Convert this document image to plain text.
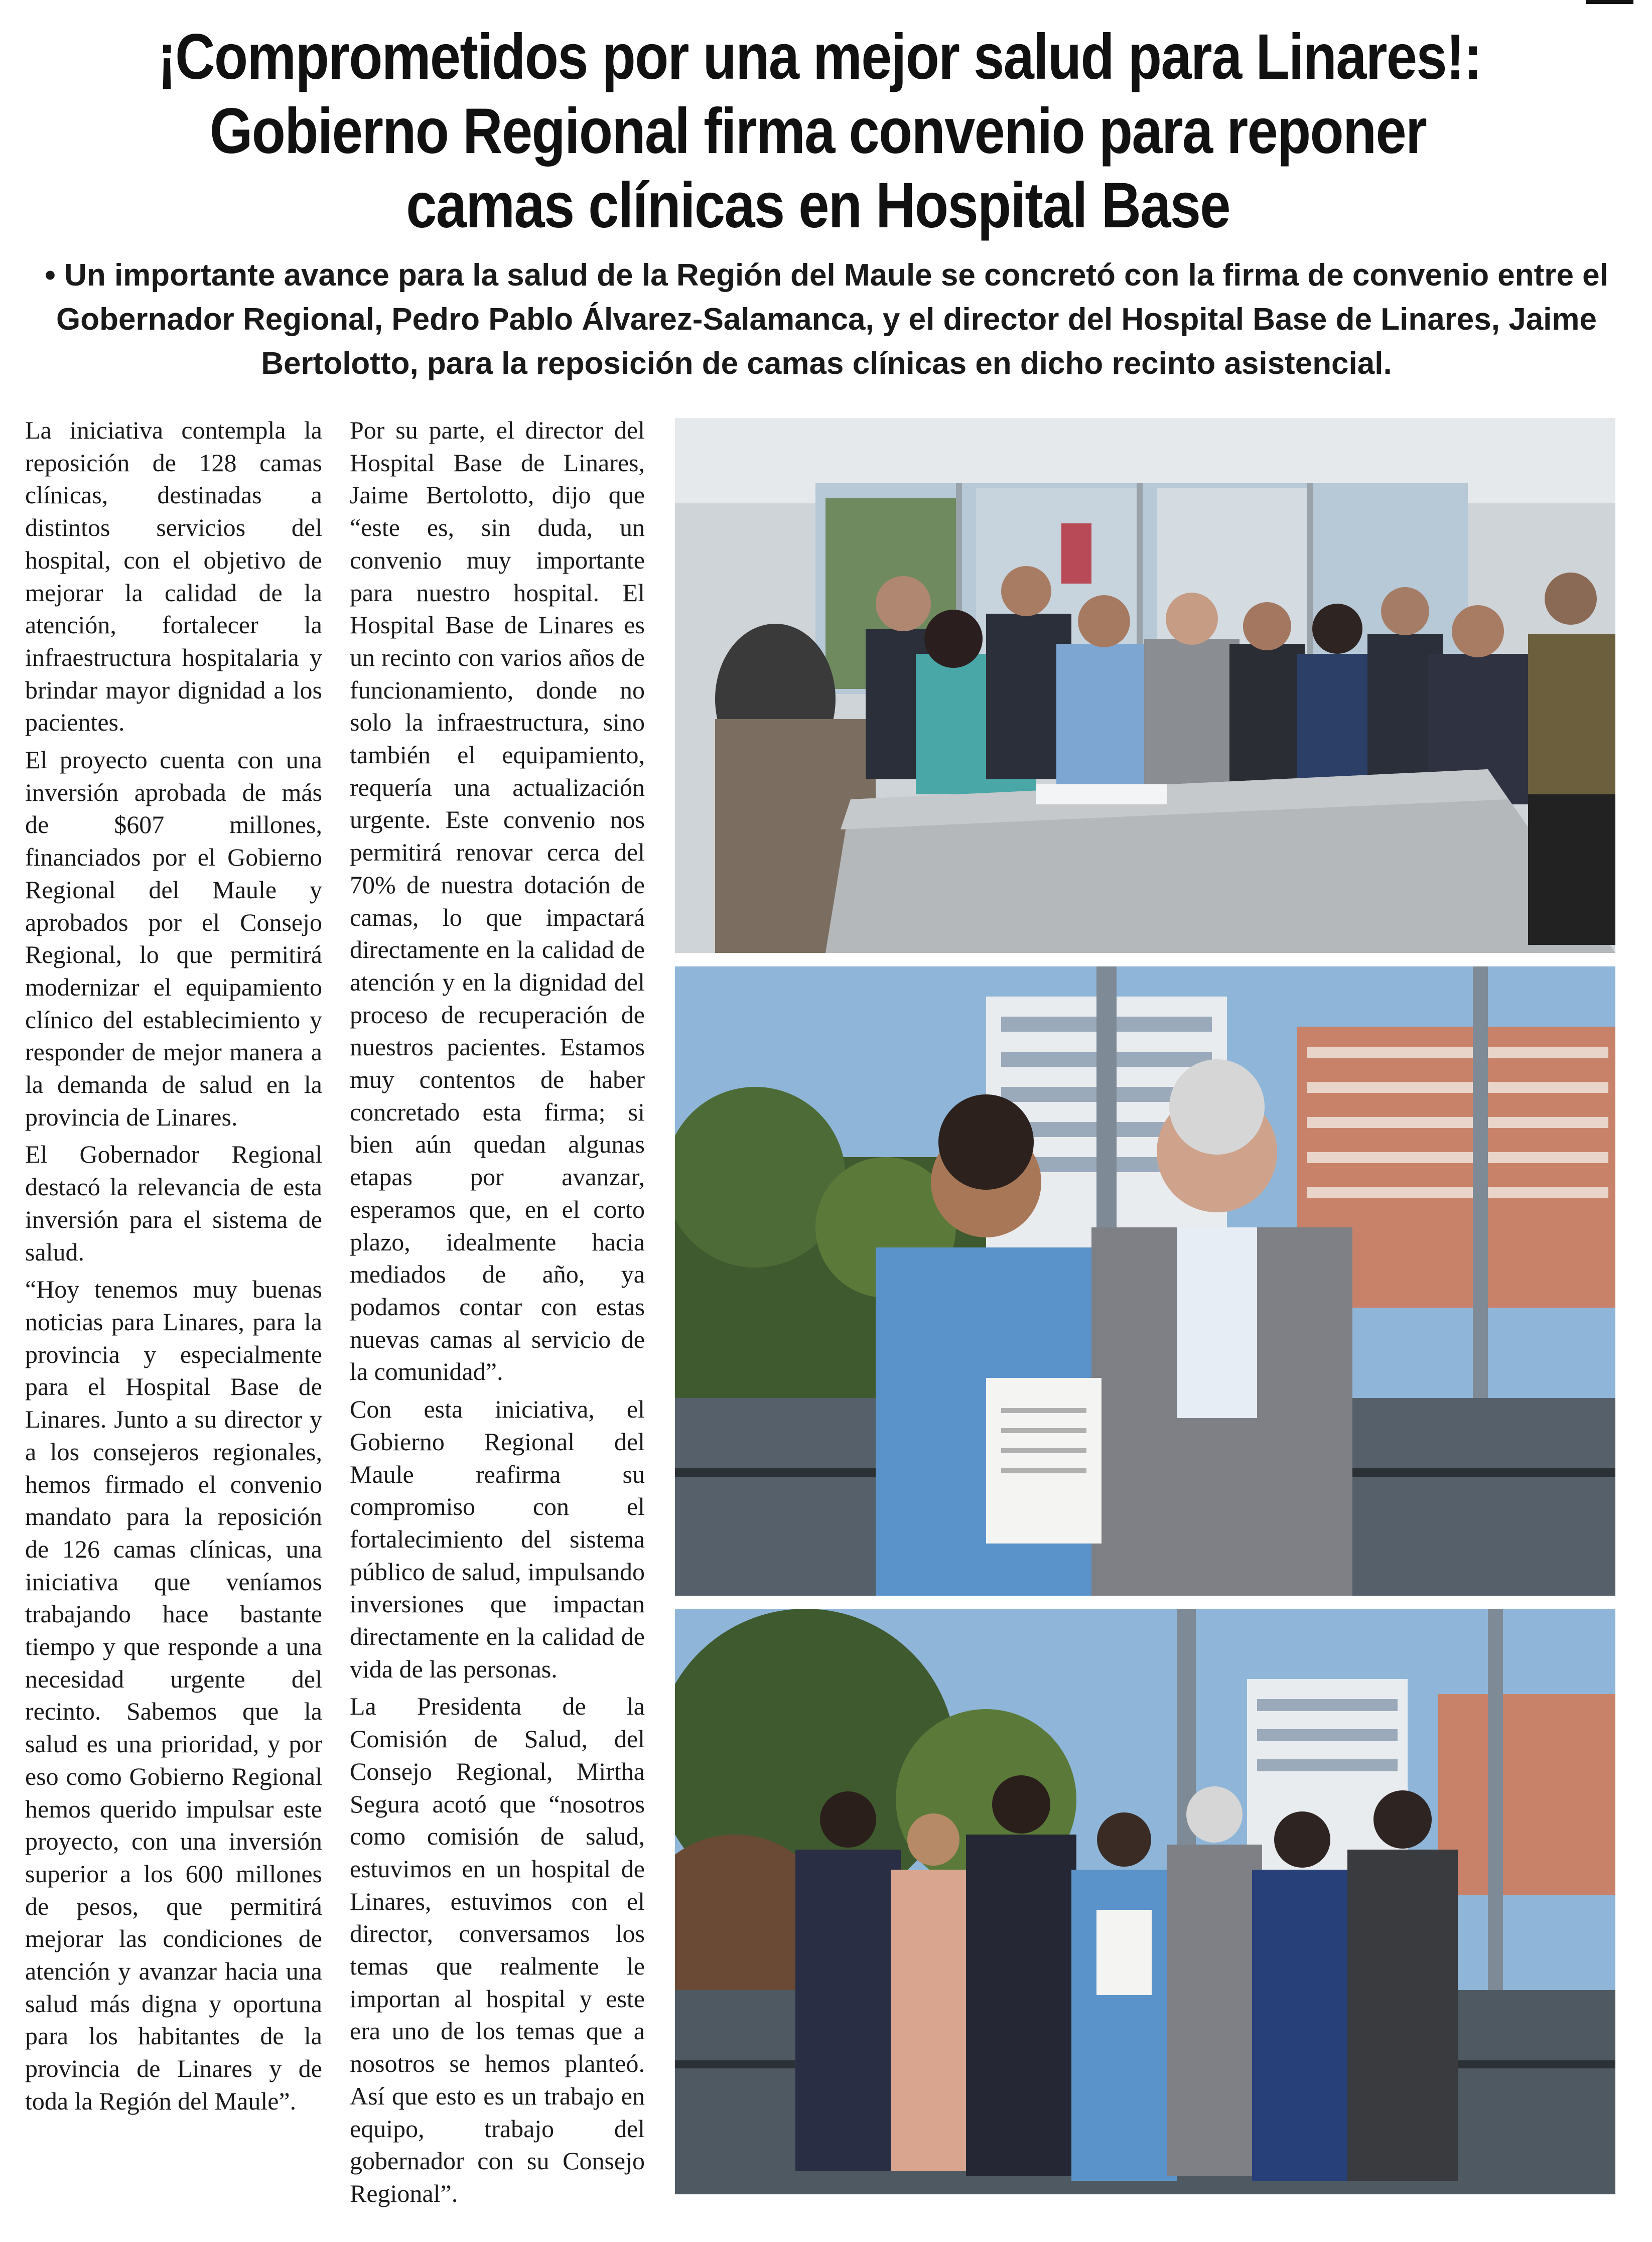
¡Comprometidos por una mejor salud para Linares!:
Gobierno Regional firma convenio para reponer
camas clínicas en Hospital Base
• Un importante avance para la salud de la Región del Maule se concretó con la firma de convenio entre el Gobernador Regional, Pedro Pablo Álvarez-Salamanca, y el director del Hospital Base de Linares, Jaime Bertolotto, para la reposición de camas clínicas en dicho recinto asistencial.

La iniciativa contempla la reposición de 128 camas clínicas, destinadas a distintos servicios del hospital, con el objetivo de mejorar la calidad de la atención, fortalecer la infraestructura hospitalaria y brindar mayor dignidad a los pacientes.

El proyecto cuenta con una inversión aprobada de más de $607 millones, financiados por el Gobierno Regional del Maule y aprobados por el Consejo Regional, lo que permitirá modernizar el equipamiento clínico del establecimiento y responder de mejor manera a la demanda de salud en la provincia de Linares.

El Gobernador Regional destacó la relevancia de esta inversión para el sistema de salud.

“Hoy tenemos muy buenas noticias para Linares, para la provincia y especialmente para el Hospital Base de Linares. Junto a su director y a los consejeros regionales, hemos firmado el convenio mandato para la reposición de 126 camas clínicas, una iniciativa que veníamos trabajando hace bastante tiempo y que responde a una necesidad urgente del recinto. Sabemos que la salud es una prioridad, y por eso como Gobierno Regional hemos querido impulsar este proyecto, con una inversión superior a los 600 millones de pesos, que permitirá mejorar las condiciones de atención y avanzar hacia una salud más digna y oportuna para los habitantes de la provincia de Linares y de toda la Región del Maule”.

Por su parte, el director del Hospital Base de Linares, Jaime Bertolotto, dijo que “este es, sin duda, un convenio muy importante para nuestro hospital. El Hospital Base de Linares es un recinto con varios años de funcionamiento, donde no solo la infraestructura, sino también el equipamiento, requería una actualización urgente. Este convenio nos permitirá renovar cerca del 70% de nuestra dotación de camas, lo que impactará directamente en la calidad de atención y en la dignidad del proceso de recuperación de nuestros pacientes. Estamos muy contentos de haber concretado esta firma; si bien aún quedan algunas etapas por avanzar, esperamos que, en el corto plazo, idealmente hacia mediados de año, ya podamos contar con estas nuevas camas al servicio de la comunidad”.

Con esta iniciativa, el Gobierno Regional del Maule reafirma su compromiso con el fortalecimiento del sistema público de salud, impulsando inversiones que impactan directamente en la calidad de vida de las personas.

La Presidenta de la Comisión de Salud, del Consejo Regional, Mirtha Segura acotó que “nosotros como comisión de salud, estuvimos en un hospital de Linares, estuvimos con el director, conversamos los temas que realmente le importan al hospital y este era uno de los temas que a nosotros se hemos planteó. Así que esto es un trabajo en equipo, trabajo del gobernador con su Consejo Regional”.
